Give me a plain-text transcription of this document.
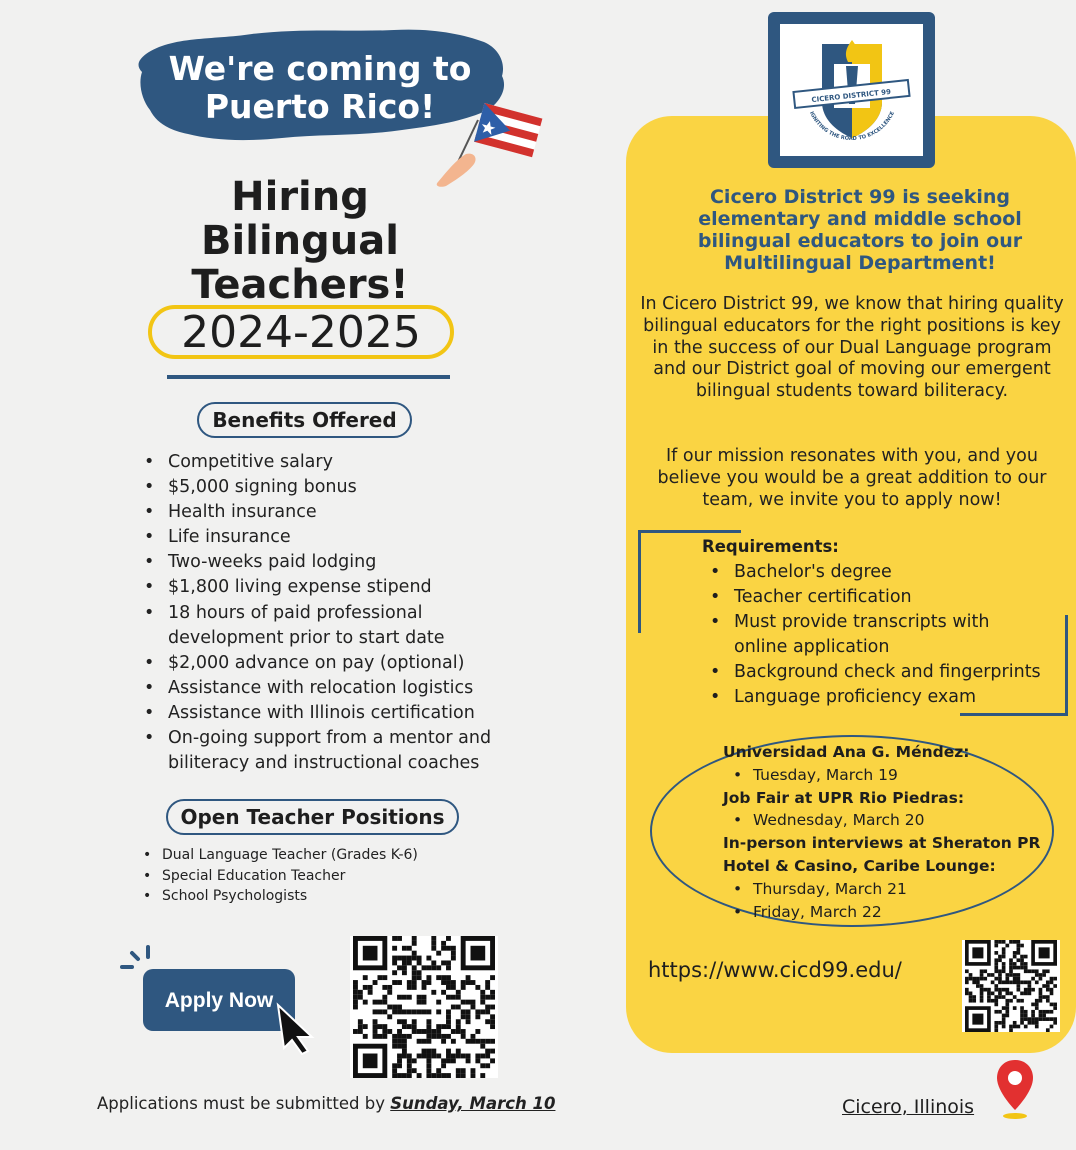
We're coming to
Puerto Rico!
Hiring
Bilingual
Teachers!
2024-2025
Benefits Offered
• Competitive salary
• $5,000 signing bonus
• Health insurance
• Life insurance
• Two-weeks paid lodging
• $1,800 living expense stipend
• 18 hours of paid professional development prior to start date
• $2,000 advance on pay (optional)
• Assistance with relocation logistics
• Assistance with Illinois certification
• On-going support from a mentor and biliteracy and instructional coaches
Open Teacher Positions
• Dual Language Teacher (Grades K-6)
• Special Education Teacher
• School Psychologists
Apply Now
Applications must be submitted by Sunday, March 10
CICERO DISTRICT 99
IGNITING THE ROAD TO EXCELLENCE
Cicero District 99 is seeking elementary and middle school bilingual educators to join our Multilingual Department!
In Cicero District 99, we know that hiring quality bilingual educators for the right positions is key in the success of our Dual Language program and our District goal of moving our emergent bilingual students toward biliteracy.
If our mission resonates with you, and you believe you would be a great addition to our team, we invite you to apply now!
Requirements:
• Bachelor's degree
• Teacher certification
• Must provide transcripts with online application
• Background check and fingerprints
• Language proficiency exam
Universidad Ana G. Méndez:
• Tuesday, March 19
Job Fair at UPR Rio Piedras:
• Wednesday, March 20
In-person interviews at Sheraton PR Hotel & Casino, Caribe Lounge:
• Thursday, March 21
• Friday, March 22
https://www.cicd99.edu/
Cicero, Illinois
